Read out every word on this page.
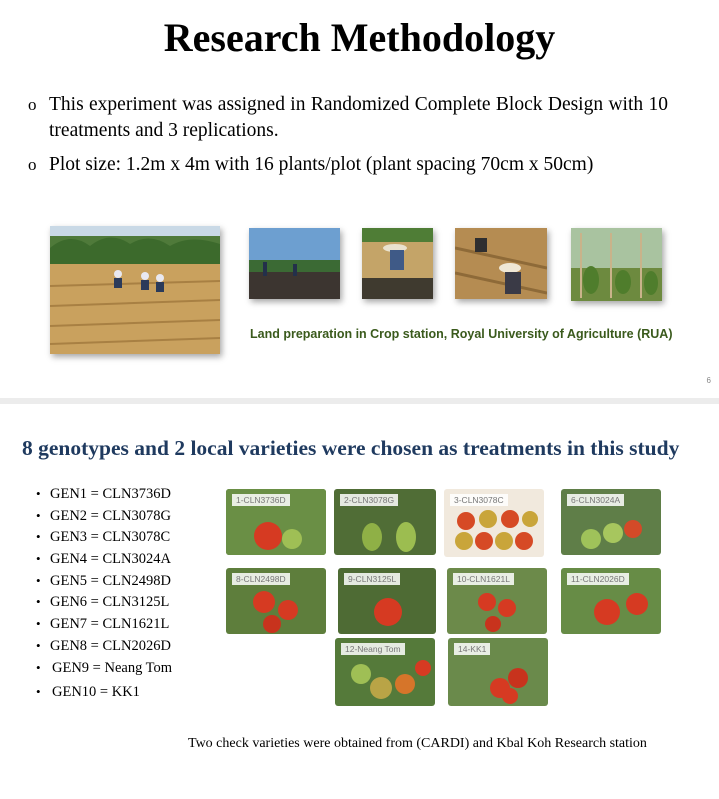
Research Methodology
o This experiment was assigned in Randomized Complete Block Design with 10 treatments and 3 replications.
o Plot size: 1.2m x 4m with 16 plants/plot (plant spacing 70cm x 50cm)
Land preparation in Crop station, Royal University of Agriculture (RUA)
6
8 genotypes and 2 local varieties were chosen as treatments in this study
• GEN1 = CLN3736D
• GEN2 = CLN3078G
• GEN3 = CLN3078C
• GEN4 = CLN3024A
• GEN5 = CLN2498D
• GEN6 = CLN3125L
• GEN7 = CLN1621L
• GEN8 = CLN2026D
• GEN9 = Neang Tom
• GEN10 = KK1
1-CLN3736D	2-CLN3078G	3-CLN3078C	6-CLN3024A
8-CLN2498D	9-CLN3125L	10-CLN1621L	11-CLN2026D
12-Neang Tom	14-KK1
Two check varieties were obtained from (CARDI) and Kbal Koh Research station
